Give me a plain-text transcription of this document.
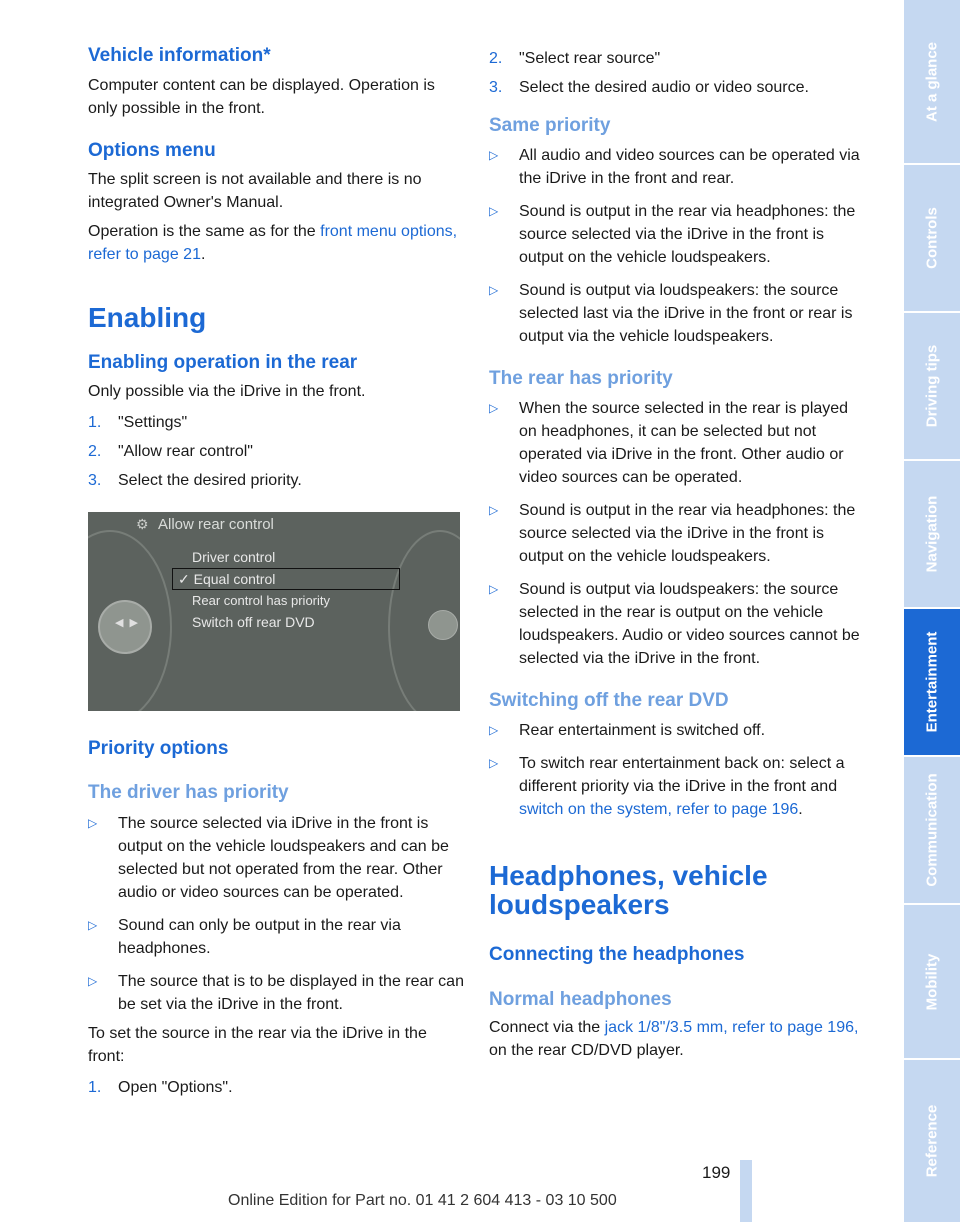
Vehicle information*

Computer content can be displayed. Operation is only possible in the front.

Options menu

The split screen is not available and there is no integrated Owner's Manual.

Operation is the same as for the front menu options, refer to page 21.

Enabling
Enabling operation in the rear

Only possible via the iDrive in the front.

1. "Settings"
2. "Allow rear control"
3. Select the desired priority.
⚙ Allow rear control
Driver control
✓ Equal control
Rear control has priority
Switch off rear DVD
◀▶
Priority options
The driver has priority
▷ The source selected via iDrive in the front is output on the vehicle loudspeakers and can be selected but not operated from the rear. Other audio or video sources can be operated.
▷ Sound can only be output in the rear via headphones.
▷ The source that is to be displayed in the rear can be set via the iDrive in the front.

To set the source in the rear via the iDrive in the front:

1. Open "Options".
2. "Select rear source"
3. Select the desired audio or video source.
Same priority
▷ All audio and video sources can be operated via the iDrive in the front and rear.
▷ Sound is output in the rear via headphones: the source selected via the iDrive in the front is output on the vehicle loudspeakers.
▷ Sound is output via loudspeakers: the source selected last via the iDrive in the front or rear is output via the vehicle loudspeakers.
The rear has priority
▷ When the source selected in the rear is played on headphones, it can be selected but not operated via iDrive in the front. Other audio or video sources can be operated.
▷ Sound is output in the rear via headphones: the source selected via the iDrive in the front is output on the vehicle loudspeakers.
▷ Sound is output via loudspeakers: the source selected in the rear is output on the vehicle loudspeakers. Audio or video sources cannot be selected via the iDrive in the front.
Switching off the rear DVD
▷ Rear entertainment is switched off.
▷ To switch rear entertainment back on: select a different priority via the iDrive in the front and switch on the system, refer to page 196.
Headphones, vehicle loudspeakers
Connecting the headphones
Normal headphones

Connect via the jack 1/8"/3.5 mm, refer to page 196, on the rear CD/DVD player.

At a glance
Controls
Driving tips
Navigation
Entertainment
Communication
Mobility
Reference
199
Online Edition for Part no. 01 41 2 604 413 - 03 10 500
